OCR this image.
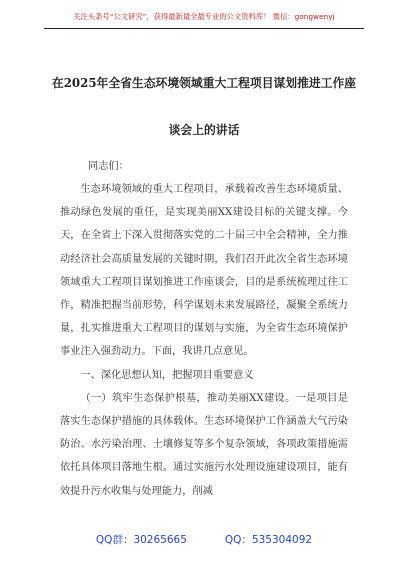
关注头条号“公文研究”，获得最新最全最专业的公文资料库！ 微信：gongwenyj
在2025年全省生态环境领域重大工程项目谋划推进工作座
谈会上的讲话
同志们：

生态环境领域的重大工程项目，承载着改善生态环境质量、推动绿色发展的重任，是实现美丽XX建设目标的关键支撑。今天，在全省上下深入贯彻落实党的二十届三中全会精神，全力推动经济社会高质量发展的关键时期，我们召开此次全省生态环境领域重大工程项目谋划推进工作座谈会，目的是系统梳理过往工作，精准把握当前形势，科学谋划未来发展路径，凝聚全系统力量，扎实推进重大工程项目的谋划与实施，为全省生态环境保护事业注入强劲动力。下面，我讲几点意见。

一、深化思想认知，把握项目重要意义

（一）筑牢生态保护根基，推动美丽XX建设。一是项目是落实生态保护措施的具体载体。生态环境保护工作涵盖大气污染防治、水污染治理、土壤修复等多个复杂领域，各项政策措施需依托具体项目落地生根。通过实施污水处理设施建设项目，能有效提升污水收集与处理能力，削减

QQ群：30265665	QQ：535304092
